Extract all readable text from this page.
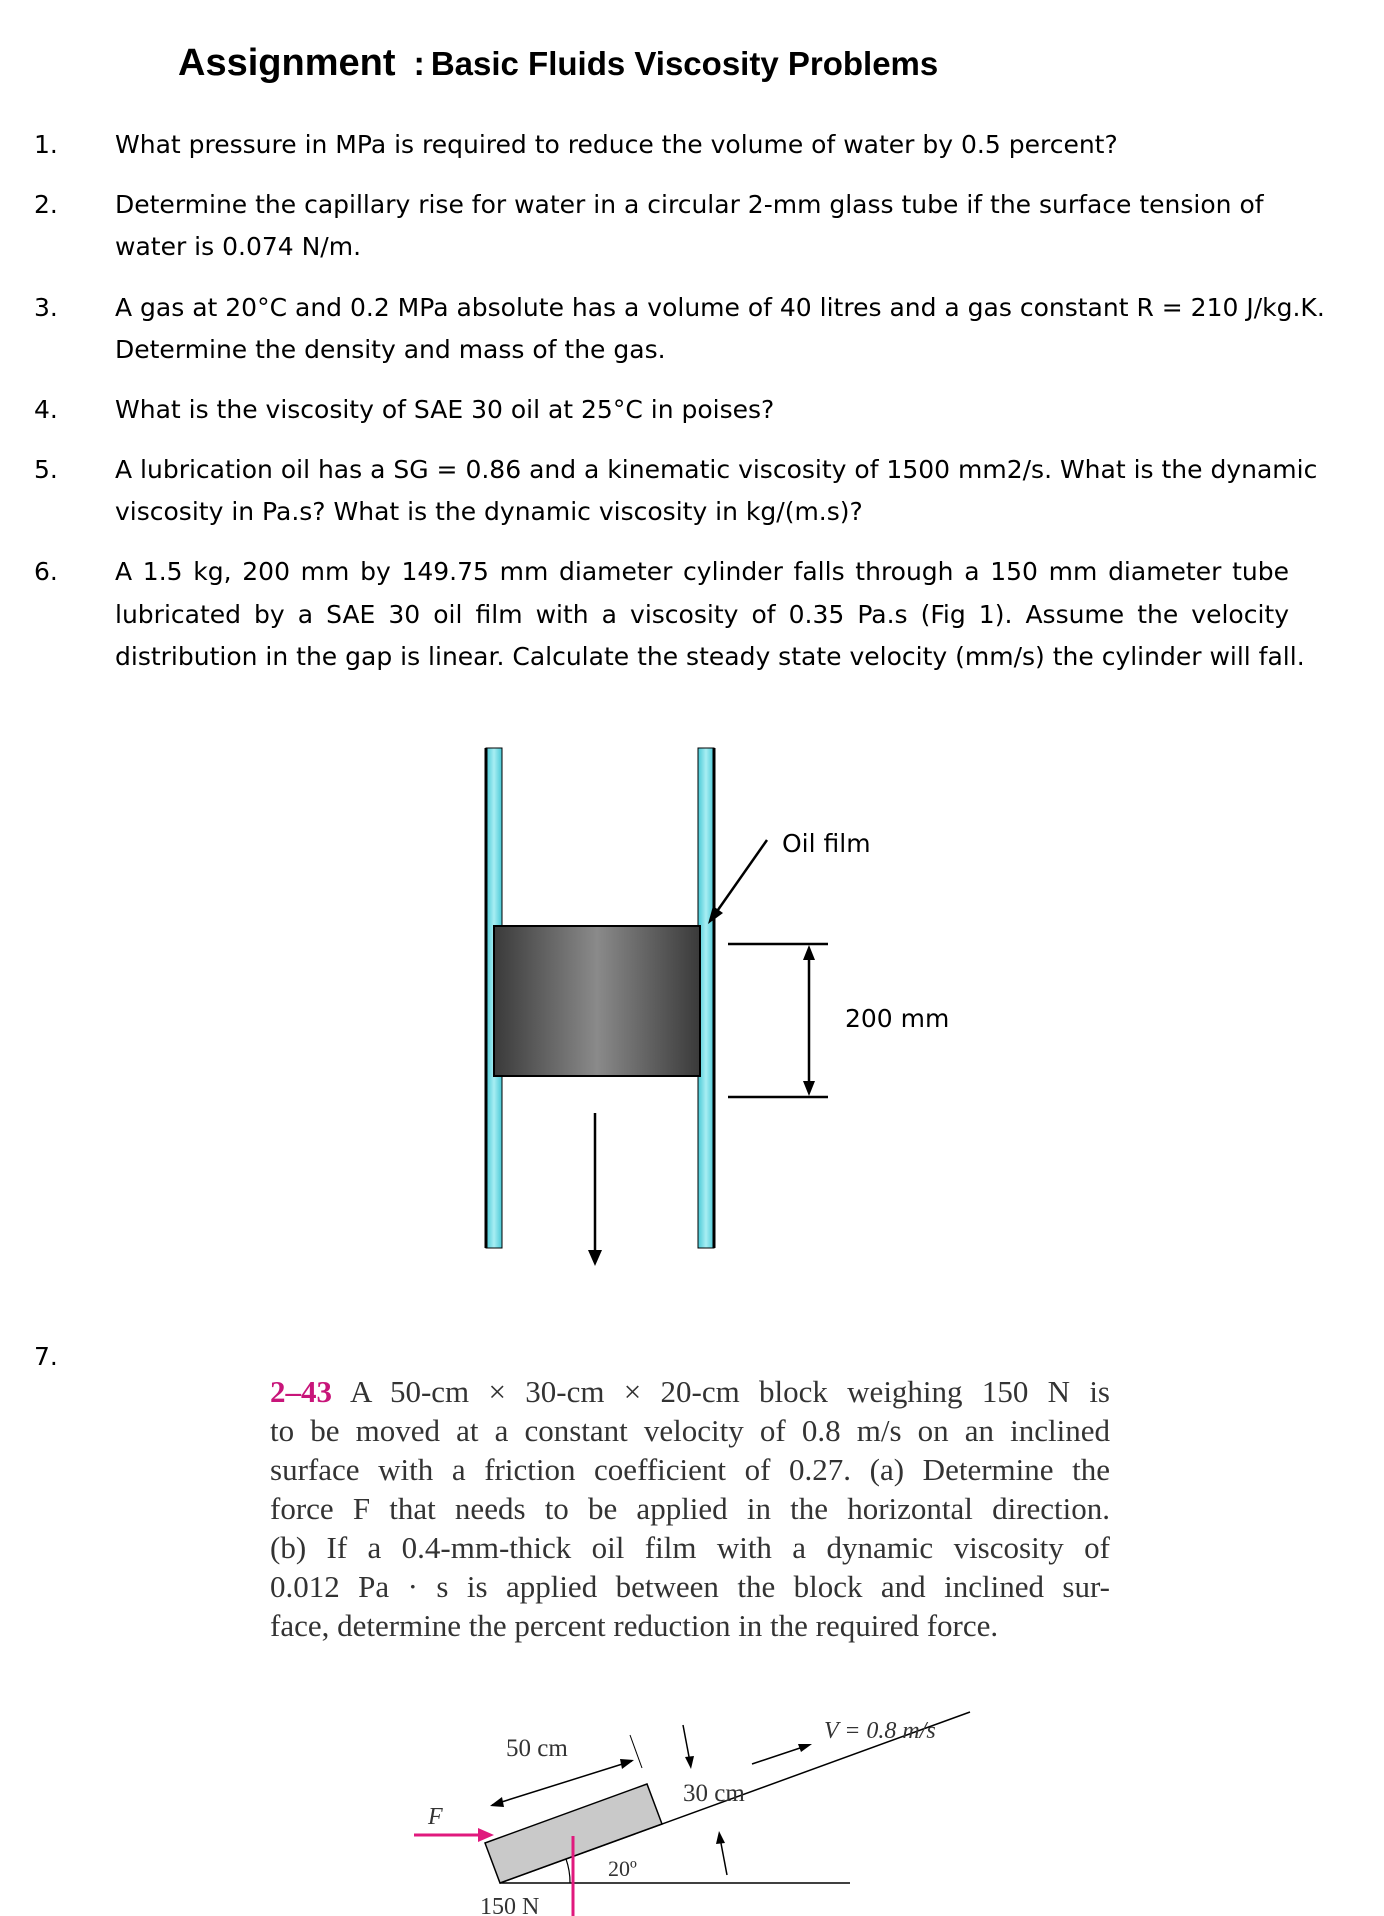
Assignment : Basic Fluids Viscosity Problems
1. What pressure in MPa is required to reduce the volume of water by 0.5 percent?
2. Determine the capillary rise for water in a circular 2-mm glass tube if the surface tension of
water is 0.074 N/m.
3. A gas at 20°C and 0.2 MPa absolute has a volume of 40 litres and a gas constant R = 210 J/kg.K.
Determine the density and mass of the gas.
4. What is the viscosity of SAE 30 oil at 25°C in poises?
5. A lubrication oil has a SG = 0.86 and a kinematic viscosity of 1500 mm2/s. What is the dynamic
viscosity in Pa.s? What is the dynamic viscosity in kg/(m.s)?
6. A 1.5 kg, 200 mm by 149.75 mm diameter cylinder falls through a 150 mm diameter tube
lubricated by a SAE 30 oil film with a viscosity of 0.35 Pa.s (Fig 1). Assume the velocity
distribution in the gap is linear. Calculate the steady state velocity (mm/s) the cylinder will fall.
Oil film
200 mm
7.
2–43 A 50-cm × 30-cm × 20-cm block weighing 150 N is
to be moved at a constant velocity of 0.8 m/s on an inclined
surface with a friction coefficient of 0.27. (a) Determine the
force F that needs to be applied in the horizontal direction.
(b) If a 0.4-mm-thick oil film with a dynamic viscosity of
0.012 Pa · s is applied between the block and inclined sur-
face, determine the percent reduction in the required force.
50 cm
30 cm
V = 0.8 m/s
F
150 N
20º
